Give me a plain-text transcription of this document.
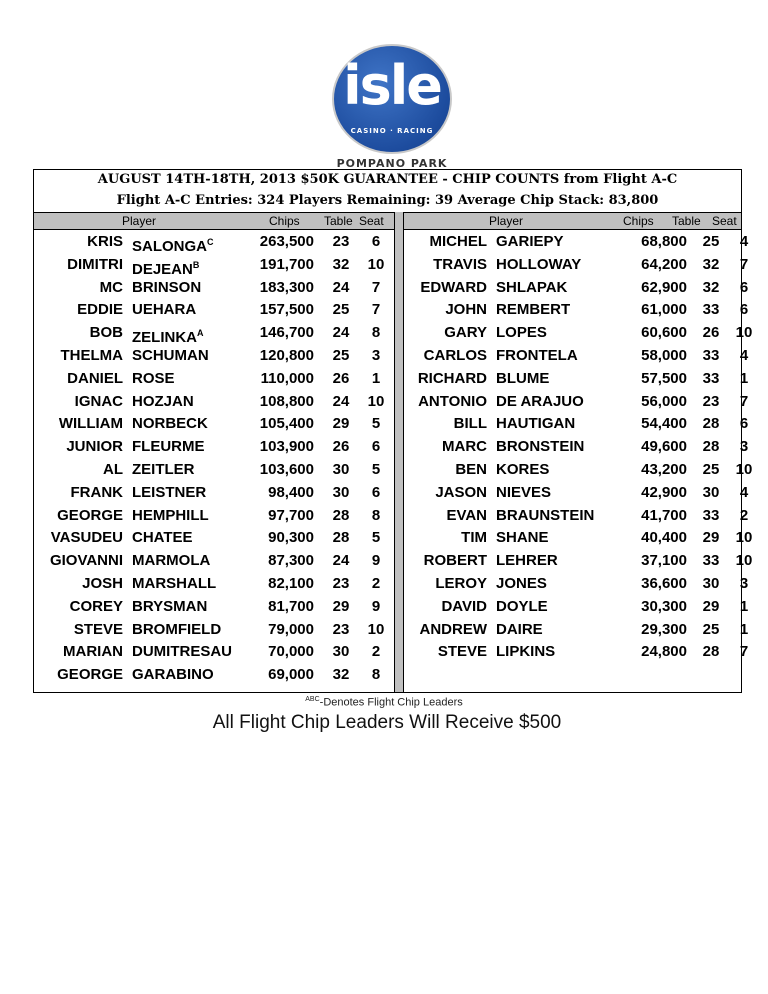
isle
CASINO · RACING
POMPANO PARK
AUGUST 14TH-18TH, 2013 $50K GUARANTEE - CHIP COUNTS from Flight A-C
Flight A-C Entries: 324 Players Remaining: 39 Average Chip Stack: 83,800
Player	Chips Table Seat	Player	Chips Table Seat
KRIS $SALONGA^C$	263,500 23	6
DIMITRI $DEJEAN^B$	191,700 32 10
MC BRINSON	183,300 24	7
EDDIE UEHARA	157,500 25	7
BOB $ZELINKA^A$	146,700 24	8
THELMA SCHUMAN	120,800 25	3
DANIEL ROSE	110,000 26	1
IGNAC HOZJAN	108,800 24 10
WILLIAM NORBECK	105,400 29	5
JUNIOR FLEURME	103,900 26	6
AL ZEITLER	103,600 30	5
FRANK LEISTNER	98,400 30	6
GEORGE HEMPHILL	97,700 28	8
VASUDEU CHATEE	90,300 28	5
GIOVANNI MARMOLA	87,300 24	9
JOSH MARSHALL	82,100 23	2
COREY BRYSMAN	81,700 29	9
STEVE BROMFIELD	79,000 23 10
MARIAN DUMITRESAU	70,000 30	2
GEORGE GARABINO	69,000 32	8
MICHEL GARIEPY	68,800 25	4
TRAVIS HOLLOWAY	64,200 32	7
EDWARD SHLAPAK	62,900 32	6
JOHN REMBERT	61,000 33	6
GARY LOPES	60,600 26 10
CARLOS FRONTELA	58,000 33	4
RICHARD BLUME	57,500 33	1
ANTONIO DE ARAJUO	56,000 23	7
BILL HAUTIGAN	54,400 28	6
MARC BRONSTEIN	49,600 28	3
BEN KORES	43,200 25 10
JASON NIEVES	42,900 30	4
EVAN BRAUNSTEIN	41,700 33	2
TIM SHANE	40,400 29 10
ROBERT LEHRER	37,100 33 10
LEROY JONES	36,600 30	3
DAVID DOYLE	30,300 29	1
ANDREW DAIRE	29,300 25	1
STEVE LIPKINS	24,800 28	7
$^{ABC}$-Denotes Flight Chip Leaders
All Flight Chip Leaders Will Receive $500
